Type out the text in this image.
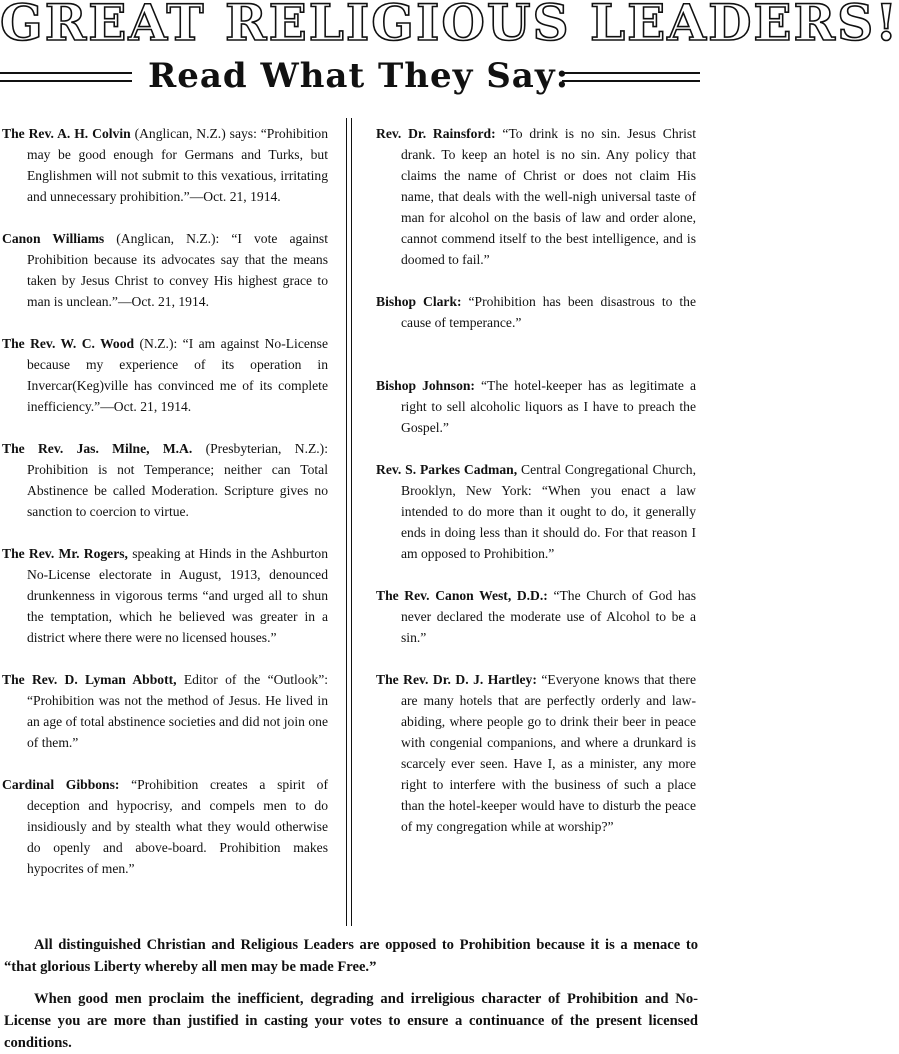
GREAT RELIGIOUS LEADERS!
Read What They Say:

The Rev. A. H. Colvin (Anglican, N.Z.) says: “Prohibition may be good enough for Germans and Turks, but Englishmen will not submit to this vexatious, irritating and unnecessary prohibition.”—Oct. 21, 1914.

Canon Williams (Anglican, N.Z.): “I vote against Prohibition because its advocates say that the means taken by Jesus Christ to convey His highest grace to man is unclean.”—Oct. 21, 1914.

The Rev. W. C. Wood (N.Z.): “I am against No-License because my experience of its operation in Invercar(Keg)ville has convinced me of its complete inefficiency.”—Oct. 21, 1914.

The Rev. Jas. Milne, M.A. (Presbyterian, N.Z.): Prohibition is not Temperance; neither can Total Abstinence be called Moderation. Scripture gives no sanction to coercion to virtue.

The Rev. Mr. Rogers, speaking at Hinds in the Ashburton No-License electorate in August, 1913, denounced drunkenness in vigorous terms “and urged all to shun the temptation, which he believed was greater in a district where there were no licensed houses.”

The Rev. D. Lyman Abbott, Editor of the “Outlook”: “Prohibition was not the method of Jesus. He lived in an age of total abstinence societies and did not join one of them.”

Cardinal Gibbons: “Prohibition creates a spirit of deception and hypocrisy, and compels men to do insidiously and by stealth what they would otherwise do openly and above-board. Prohibition makes hypocrites of men.”

Rev. Dr. Rainsford: “To drink is no sin. Jesus Christ drank. To keep an hotel is no sin. Any policy that claims the name of Christ or does not claim His name, that deals with the well-nigh universal taste of man for alcohol on the basis of law and order alone, cannot commend itself to the best intelligence, and is doomed to fail.”

Bishop Clark: “Prohibition has been disastrous to the cause of temperance.”

Bishop Johnson: “The hotel-keeper has as legitimate a right to sell alcoholic liquors as I have to preach the Gospel.”

Rev. S. Parkes Cadman, Central Congregational Church, Brooklyn, New York: “When you enact a law intended to do more than it ought to do, it generally ends in doing less than it should do. For that reason I am opposed to Prohibition.”

The Rev. Canon West, D.D.: “The Church of God has never declared the moderate use of Alcohol to be a sin.”

The Rev. Dr. D. J. Hartley: “Everyone knows that there are many hotels that are perfectly orderly and law-abiding, where people go to drink their beer in peace with congenial companions, and where a drunkard is scarcely ever seen. Have I, as a minister, any more right to interfere with the business of such a place than the hotel-keeper would have to disturb the peace of my congregation while at worship?”

All distinguished Christian and Religious Leaders are opposed to Prohibition because it is a menace to “that glorious Liberty whereby all men may be made Free.”

When good men proclaim the inefficient, degrading and irreligious character of Prohibition and No-License you are more than justified in casting your votes to ensure a continuance of the present licensed conditions.
